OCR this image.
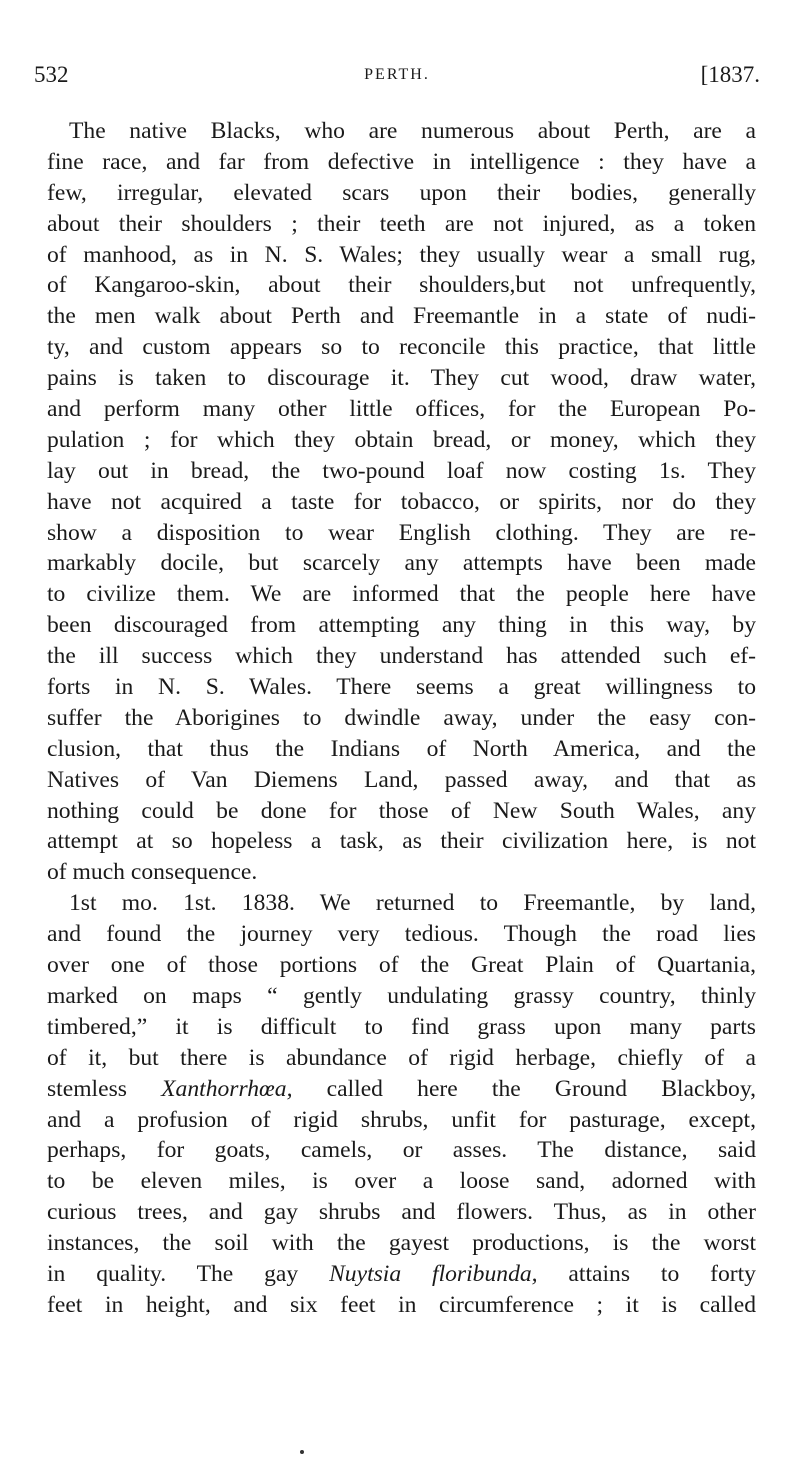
532	PERTH.	[1837.
The native Blacks, who are numerous about Perth, are a
fine race, and far from defective in intelligence : they have a
few, irregular, elevated scars upon their bodies, generally
about their shoulders ; their teeth are not injured, as a token
of manhood, as in N. S. Wales; they usually wear a small rug,
of Kangaroo-skin, about their shoulders,but not unfrequently,
the men walk about Perth and Freemantle in a state of nudi-
ty, and custom appears so to reconcile this practice, that little
pains is taken to discourage it. They cut wood, draw water,
and perform many other little offices, for the European Po-
pulation ; for which they obtain bread, or money, which they
lay out in bread, the two-pound loaf now costing 1s. They
have not acquired a taste for tobacco, or spirits, nor do they
show a disposition to wear English clothing. They are re-
markably docile, but scarcely any attempts have been made
to civilize them. We are informed that the people here have
been discouraged from attempting any thing in this way, by
the ill success which they understand has attended such ef-
forts in N. S. Wales. There seems a great willingness to
suffer the Aborigines to dwindle away, under the easy con-
clusion, that thus the Indians of North America, and the
Natives of Van Diemens Land, passed away, and that as
nothing could be done for those of New South Wales, any
attempt at so hopeless a task, as their civilization here, is not
of much consequence.
1st mo. 1st. 1838. We returned to Freemantle, by land,
and found the journey very tedious. Though the road lies
over one of those portions of the Great Plain of Quartania,
marked on maps “ gently undulating grassy country, thinly
timbered,” it is difficult to find grass upon many parts
of it, but there is abundance of rigid herbage, chiefly of a
stemless Xanthorrhœa, called here the Ground Blackboy,
and a profusion of rigid shrubs, unfit for pasturage, except,
perhaps, for goats, camels, or asses. The distance, said
to be eleven miles, is over a loose sand, adorned with
curious trees, and gay shrubs and flowers. Thus, as in other
instances, the soil with the gayest productions, is the worst
in quality. The gay Nuytsia floribunda, attains to forty
feet in height, and six feet in circumference ; it is called
